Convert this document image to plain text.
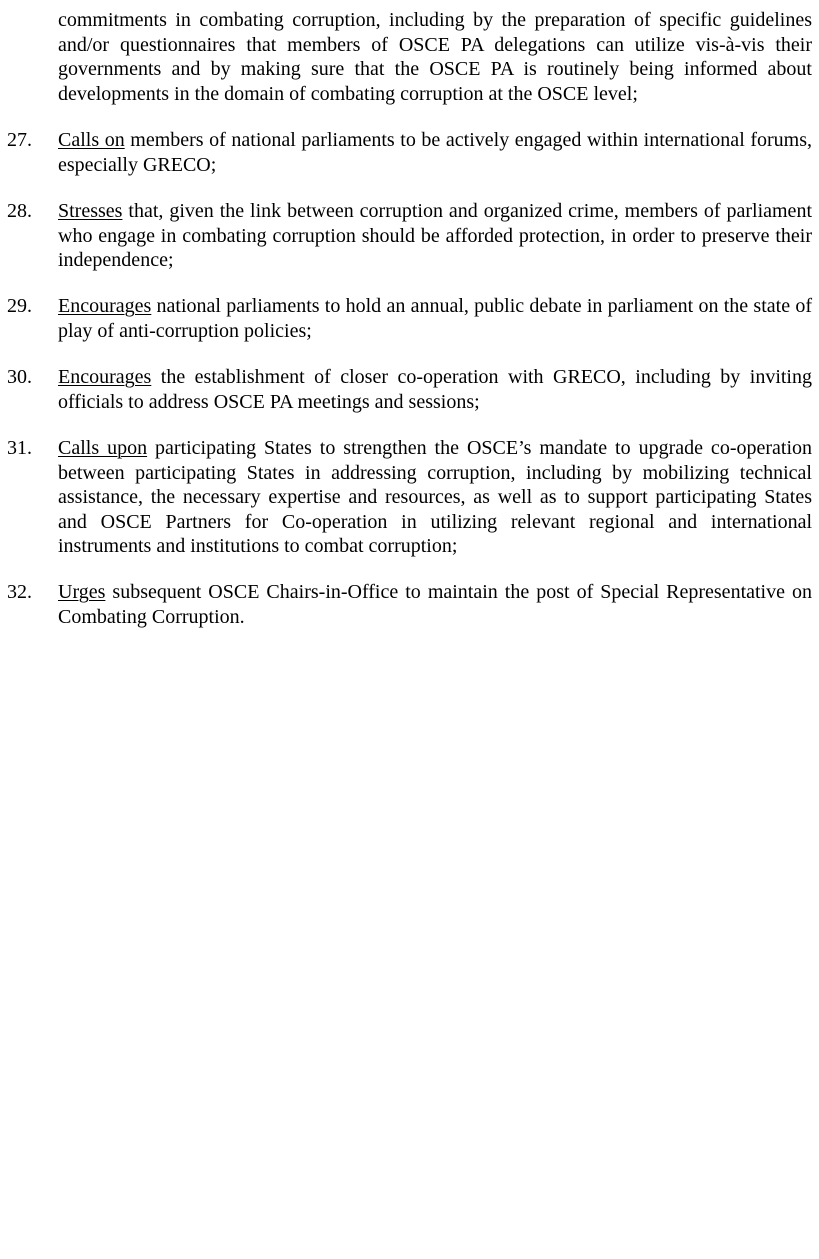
commitments in combating corruption, including by the preparation of specific guidelines and/or questionnaires that members of OSCE PA delegations can utilize vis-à-vis their governments and by making sure that the OSCE PA is routinely being informed about developments in the domain of combating corruption at the OSCE level;
27.	Calls on members of national parliaments to be actively engaged within international forums, especially GRECO;
28.	Stresses that, given the link between corruption and organized crime, members of parliament who engage in combating corruption should be afforded protection, in order to preserve their independence;
29.	Encourages national parliaments to hold an annual, public debate in parliament on the state of play of anti-corruption policies;
30.	Encourages the establishment of closer co-operation with GRECO, including by inviting officials to address OSCE PA meetings and sessions;
31.	Calls upon participating States to strengthen the OSCE’s mandate to upgrade co-operation between participating States in addressing corruption, including by mobilizing technical assistance, the necessary expertise and resources, as well as to support participating States and OSCE Partners for Co-operation in utilizing relevant regional and international instruments and institutions to combat corruption;
32.	Urges subsequent OSCE Chairs-in-Office to maintain the post of Special Representative on Combating Corruption.
